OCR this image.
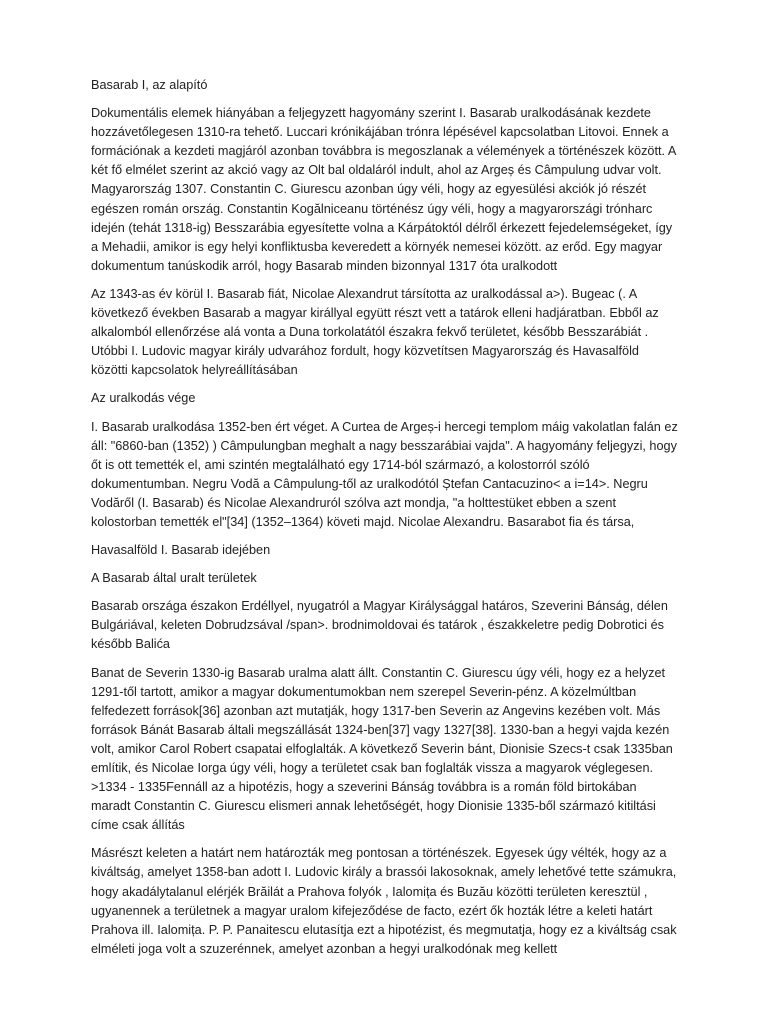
Basarab I, az alapító

Dokumentális elemek hiányában a feljegyzett hagyomány szerint I. Basarab uralkodásának kezdete hozzávetőlegesen 1310-ra tehető. Luccari krónikájában trónra lépésével kapcsolatban Litovoi. Ennek a formációnak a kezdeti magjáról azonban továbbra is megoszlanak a vélemények a történészek között. A két fő elmélet szerint az akció vagy az Olt bal oldaláról indult, ahol az Argeș és Câmpulung udvar volt. Magyarország 1307. Constantin C. Giurescu azonban úgy véli, hogy az egyesülési akciók jó részét egészen román ország. Constantin Kogălniceanu történész úgy véli, hogy a magyarországi trónharc idején (tehát 1318-ig) Besszarábia egyesítette volna a Kárpátoktól délről érkezett fejedelemségeket, így a Mehadii, amikor is egy helyi konfliktusba keveredett a környék nemesei között. az erőd. Egy magyar dokumentum tanúskodik arról, hogy Basarab minden bizonnyal 1317 óta uralkodott

Az 1343-as év körül I. Basarab fiát, Nicolae Alexandrut társította az uralkodással a>). Bugeac (. A következő években Basarab a magyar királlyal együtt részt vett a tatárok elleni hadjáratban. Ebből az alkalomból ellenőrzése alá vonta a Duna torkolatától északra fekvő területet, később Besszarábiát . Utóbbi I. Ludovic magyar király udvarához fordult, hogy közvetítsen Magyarország és Havasalföld közötti kapcsolatok helyreállításában

Az uralkodás vége

I. Basarab uralkodása 1352-ben ért véget. A Curtea de Argeș-i hercegi templom máig vakolatlan falán ez áll: "6860-ban (1352) ) Câmpulungban meghalt a nagy besszarábiai vajda". A hagyomány feljegyzi, hogy őt is ott temették el, ami szintén megtalálható egy 1714-ból származó, a kolostorról szóló dokumentumban. Negru Vodă a Câmpulung-től az uralkodótól Ștefan Cantacuzino< a i=14>. Negru Vodăről (I. Basarab) és Nicolae Alexandruról szólva azt mondja, "a holttestüket ebben a szent kolostorban temették el"[34] (1352–1364) követi majd. Nicolae Alexandru. Basarabot fia és társa,

Havasalföld I. Basarab idejében

A Basarab által uralt területek

Basarab országa északon Erdéllyel, nyugatról a Magyar Királysággal határos, Szeverini Bánság, délen Bulgáriával, keleten Dobrudzsával /span>. brodnimoldovai és tatárok , északkeletre pedig Dobrotici és később Balića

Banat de Severin 1330-ig Basarab uralma alatt állt. Constantin C. Giurescu úgy véli, hogy ez a helyzet 1291-től tartott, amikor a magyar dokumentumokban nem szerepel Severin-pénz. A közelmúltban felfedezett források[36] azonban azt mutatják, hogy 1317-ben Severin az Angevins kezében volt. Más források Bánát Basarab általi megszállását 1324-ben[37] vagy 1327[38]. 1330-ban a hegyi vajda kezén volt, amikor Carol Robert csapatai elfoglalták. A következő Severin bánt, Dionisie Szecs-t csak 1335ban említik, és Nicolae Iorga úgy véli, hogy a területet csak ban foglalták vissza a magyarok véglegesen. >1334 - 1335Fennáll az a hipotézis, hogy a szeverini Bánság továbbra is a román föld birtokában maradt Constantin C. Giurescu elismeri annak lehetőségét, hogy Dionisie 1335-ből származó kitiltási címe csak állítás

Másrészt keleten a határt nem határozták meg pontosan a történészek. Egyesek úgy vélték, hogy az a kiváltság, amelyet 1358-ban adott I. Ludovic király a brassói lakosoknak, amely lehetővé tette számukra, hogy akadálytalanul elérjék Brăilát a Prahova folyók , Ialomița és Buzău közötti területen keresztül , ugyanennek a területnek a magyar uralom kifejeződése de facto, ezért ők hozták létre a keleti határt Prahova ill. Ialomița. P. P. Panaitescu elutasítja ezt a hipotézist, és megmutatja, hogy ez a kiváltság csak elméleti joga volt a szuzerénnek, amelyet azonban a hegyi uralkodónak meg kellett
